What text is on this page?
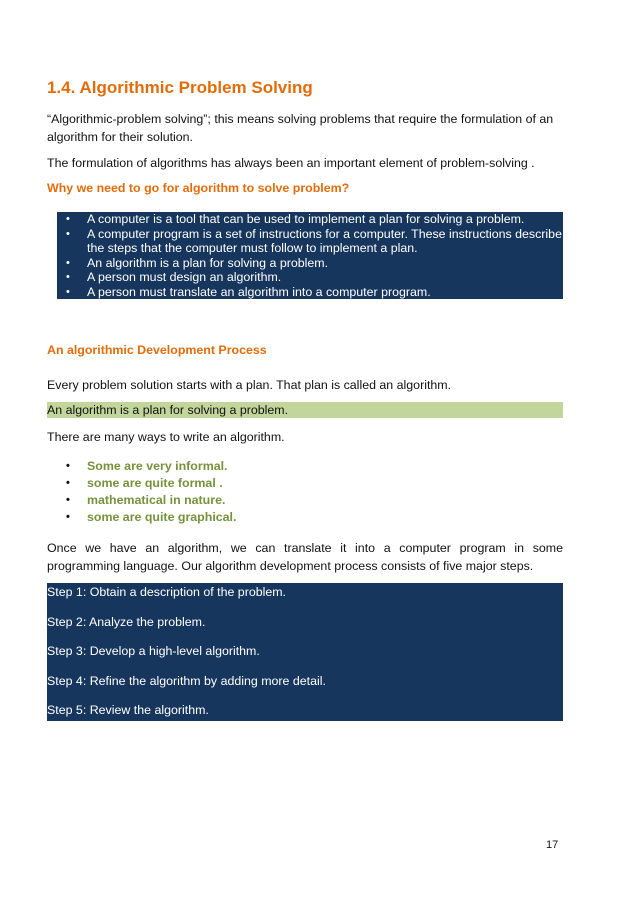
1.4. Algorithmic Problem Solving

“Algorithmic-problem solving”; this means solving problems that require the formulation of an algorithm for their solution.

The formulation of algorithms has always been an important element of problem-solving .

Why we need to go for algorithm to solve problem?
• A computer is a tool that can be used to implement a plan for solving a problem.
• A computer program is a set of instructions for a computer. These instructions describe the steps that the computer must follow to implement a plan.
• An algorithm is a plan for solving a problem.
• A person must design an algorithm.
• A person must translate an algorithm into a computer program.
An algorithmic Development Process

Every problem solution starts with a plan. That plan is called an algorithm.

An algorithm is a plan for solving a problem.

There are many ways to write an algorithm.

• Some are very informal.
• some are quite formal .
• mathematical in nature.
• some are quite graphical.

Once we have an algorithm, we can translate it into a computer program in some programming language. Our algorithm development process consists of five major steps.

Step 1: Obtain a description of the problem.
Step 2: Analyze the problem.
Step 3: Develop a high-level algorithm.
Step 4: Refine the algorithm by adding more detail.
Step 5: Review the algorithm.
17
